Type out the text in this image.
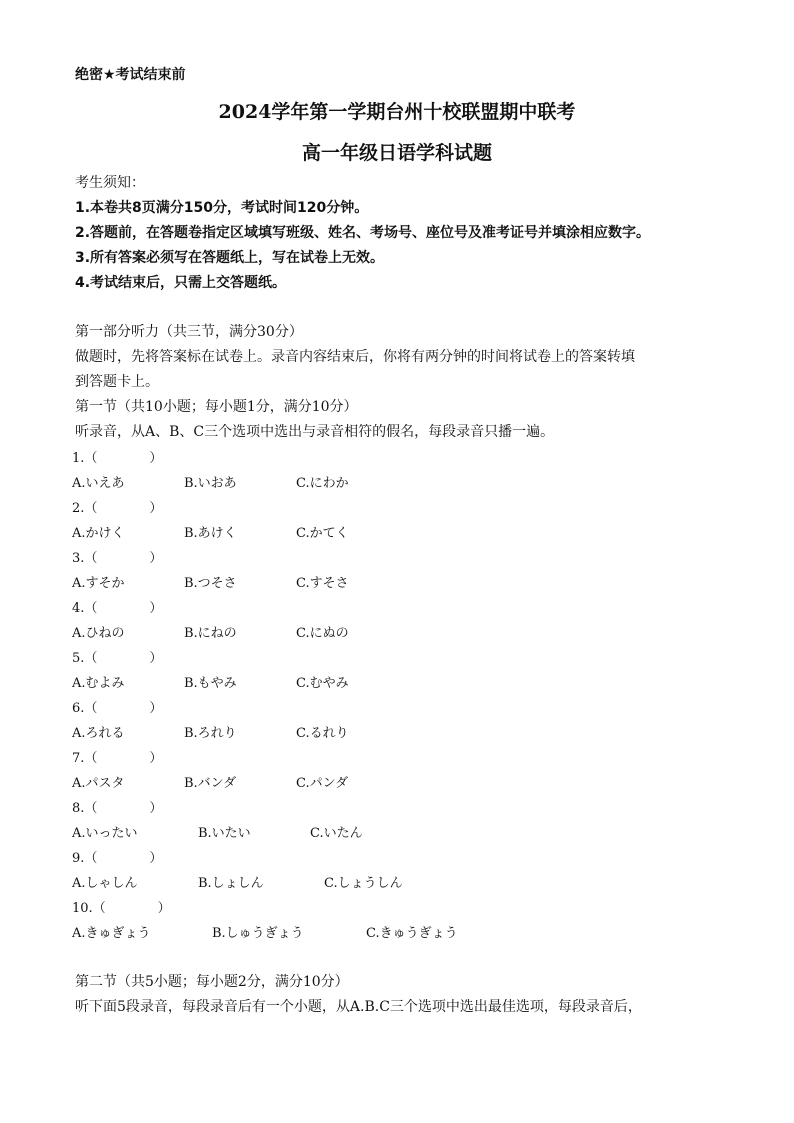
绝密★考试结束前
2024学年第一学期台州十校联盟期中联考
高一年级日语学科试题
考生须知：
1.本卷共8页满分150分，考试时间120分钟。
2.答题前，在答题卷指定区域填写班级、姓名、考场号、座位号及准考证号并填涂相应数字。
3.所有答案必须写在答题纸上，写在试卷上无效。
4.考试结束后，只需上交答题纸。
第一部分听力（共三节，满分30分）
做题时，先将答案标在试卷上。录音内容结束后，你将有两分钟的时间将试卷上的答案转填
到答题卡上。
第一节（共10小题；每小题1分，满分10分）
听录音，从A、B、C三个选项中选出与录音相符的假名，每段录音只播一遍。
1.（　　　　）
A.いえあ	B.いおあ	C.にわか
2.（　　　　）
A.かけく	B.あけく	C.かてく
3.（　　　　）
A.すそか	B.つそさ	C.すそさ
4.（　　　　）
A.ひねの	B.にねの	C.にぬの
5.（　　　　）
A.むよみ	B.もやみ	C.むやみ
6.（　　　　）
A.ろれる	B.ろれり	C.るれり
7.（　　　　）
A.パスタ	B.バンダ	C.パンダ
8.（　　　　）
A.いったい	B.いたい	C.いたん
9.（　　　　）
A.しゃしん	B.しょしん	C.しょうしん
10.（　　　　）
A.きゅぎょう	B.しゅうぎょう	C.きゅうぎょう
第二节（共5小题；每小题2分，满分10分）
听下面5段录音，每段录音后有一个小题，从A.B.C三个选项中选出最佳选项，每段录音后，
